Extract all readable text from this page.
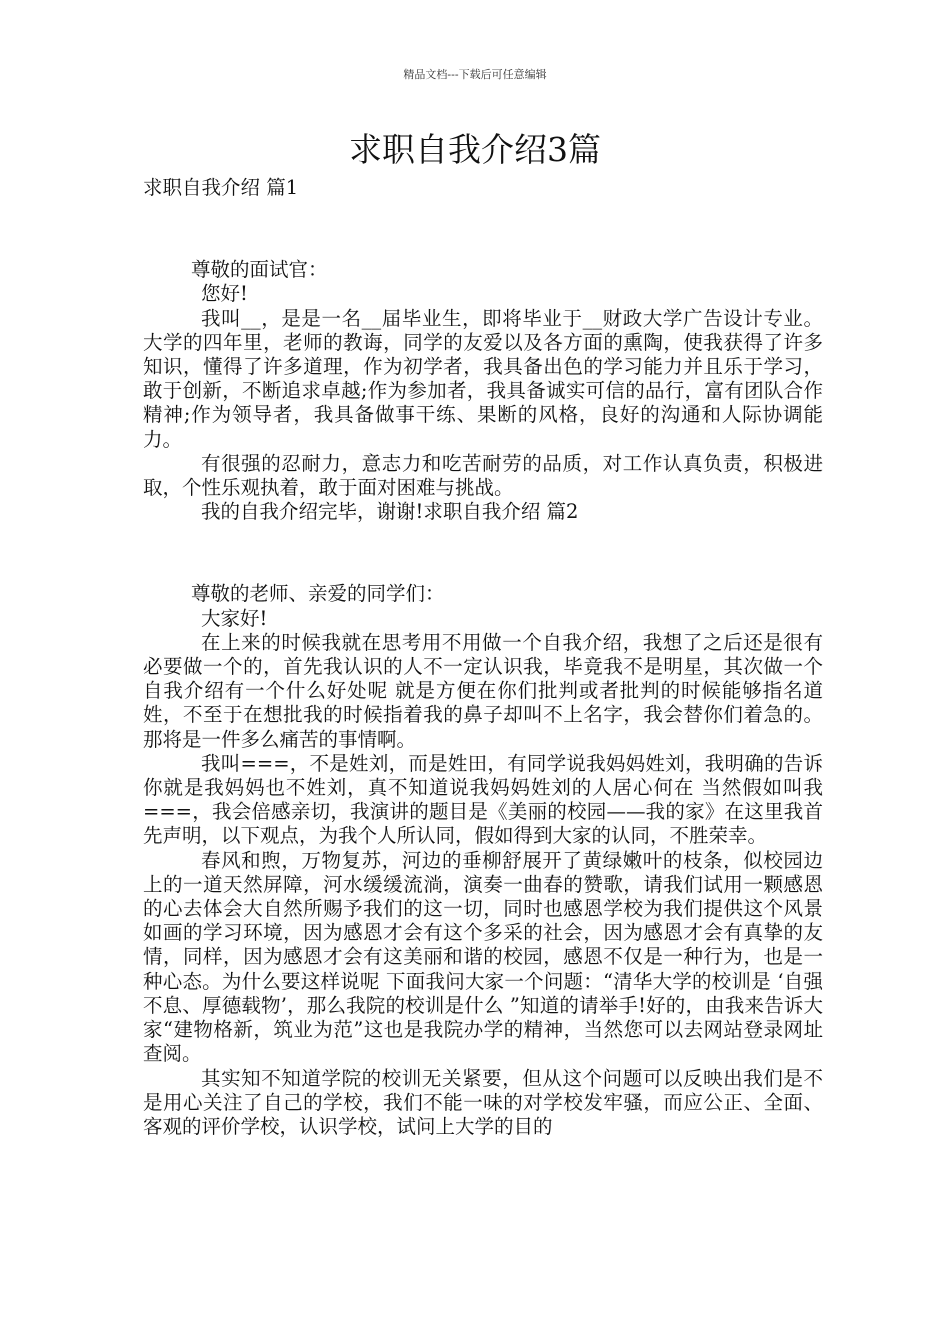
精品文档---下载后可任意编辑
求职自我介绍3篇

求职自我介绍 篇1

尊敬的面试官：

您好!

我叫__，是是一名__届毕业生，即将毕业于__财政大学广告设计专业。大学的四年里，老师的教诲，同学的友爱以及各方面的熏陶，使我获得了许多知识，懂得了许多道理，作为初学者，我具备出色的学习能力并且乐于学习，敢于创新，不断追求卓越;作为参加者，我具备诚实可信的品行，富有团队合作精神;作为领导者，我具备做事干练、果断的风格，良好的沟通和人际协调能力。

有很强的忍耐力，意志力和吃苦耐劳的品质，对工作认真负责，积极进取，个性乐观执着，敢于面对困难与挑战。

我的自我介绍完毕，谢谢!求职自我介绍 篇2

尊敬的老师、亲爱的同学们：

大家好!

在上来的时候我就在思考用不用做一个自我介绍，我想了之后还是很有必要做一个的，首先我认识的人不一定认识我，毕竟我不是明星，其次做一个自我介绍有一个什么好处呢 就是方便在你们批判或者批判的时候能够指名道姓，不至于在想批我的时候指着我的鼻子却叫不上名字，我会替你们着急的。那将是一件多么痛苦的事情啊。

我叫===，不是姓刘，而是姓田，有同学说我妈妈姓刘，我明确的告诉你就是我妈妈也不姓刘，真不知道说我妈妈姓刘的人居心何在 当然假如叫我===，我会倍感亲切，我演讲的题目是《美丽的校园——我的家》在这里我首先声明，以下观点，为我个人所认同，假如得到大家的认同，不胜荣幸。

春风和煦，万物复苏，河边的垂柳舒展开了黄绿嫩叶的枝条，似校园边上的一道天然屏障，河水缓缓流淌，演奏一曲春的赞歌，请我们试用一颗感恩的心去体会大自然所赐予我们的这一切，同时也感恩学校为我们提供这个风景如画的学习环境，因为感恩才会有这个多采的社会，因为感恩才会有真挚的友情，同样，因为感恩才会有这美丽和谐的校园，感恩不仅是一种行为，也是一种心态。为什么要这样说呢 下面我问大家一个问题：“清华大学的校训是 ‘自强不息、厚德载物’，那么我院的校训是什么 ”知道的请举手!好的，由我来告诉大家“建物格新，筑业为范”这也是我院办学的精神，当然您可以去网站登录网址查阅。

其实知不知道学院的校训无关紧要，但从这个问题可以反映出我们是不是用心关注了自己的学校，我们不能一味的对学校发牢骚，而应公正、全面、客观的评价学校，认识学校，试问上大学的目的
